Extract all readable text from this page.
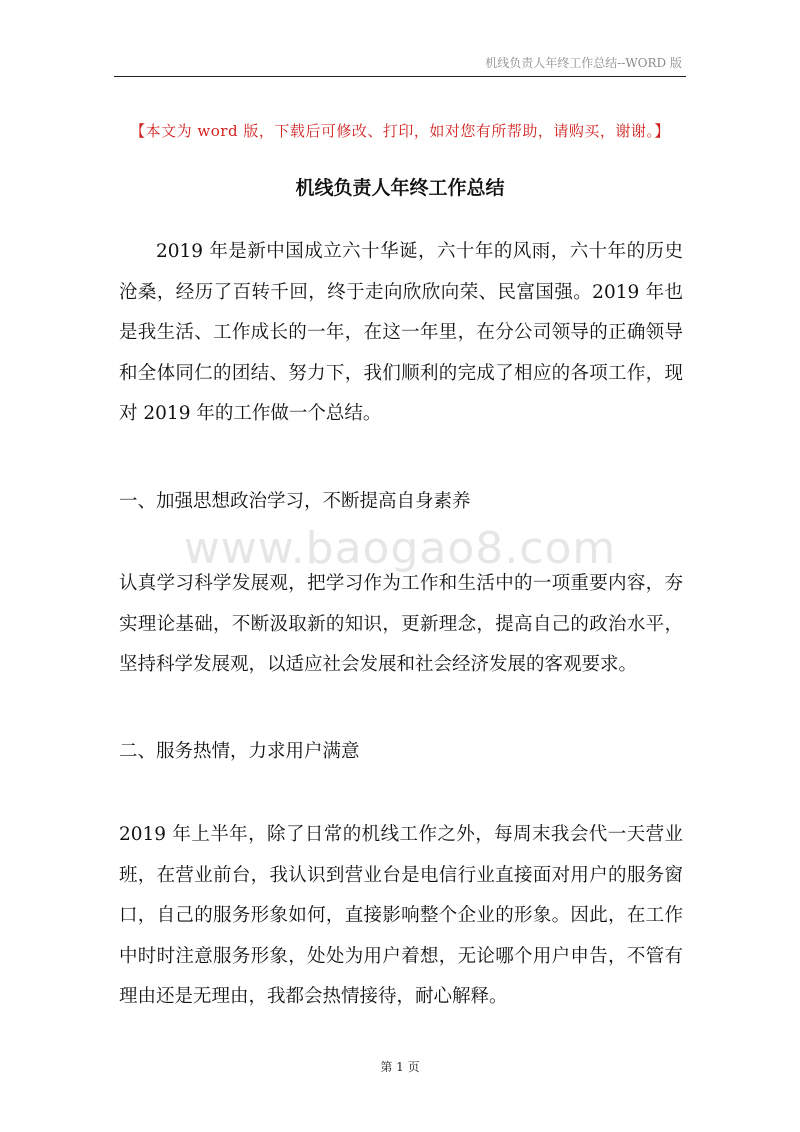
机线负责人年终工作总结--WORD 版
【本文为 word 版，下载后可修改、打印，如对您有所帮助，请购买，谢谢。】
机线负责人年终工作总结

2019 年是新中国成立六十华诞，六十年的风雨，六十年的历史沧桑，经历了百转千回，终于走向欣欣向荣、民富国强。2019 年也是我生活、工作成长的一年，在这一年里，在分公司领导的正确领导和全体同仁的团结、努力下，我们顺利的完成了相应的各项工作，现对 2019 年的工作做一个总结。

一、加强思想政治学习，不断提高自身素养

www.baogao8.com

认真学习科学发展观，把学习作为工作和生活中的一项重要内容，夯实理论基础，不断汲取新的知识，更新理念，提高自己的政治水平，坚持科学发展观，以适应社会发展和社会经济发展的客观要求。

二、服务热情，力求用户满意

2019 年上半年，除了日常的机线工作之外，每周末我会代一天营业班，在营业前台，我认识到营业台是电信行业直接面对用户的服务窗口，自己的服务形象如何，直接影响整个企业的形象。因此，在工作中时时注意服务形象，处处为用户着想，无论哪个用户申告，不管有理由还是无理由，我都会热情接待，耐心解释。

第 1 页
